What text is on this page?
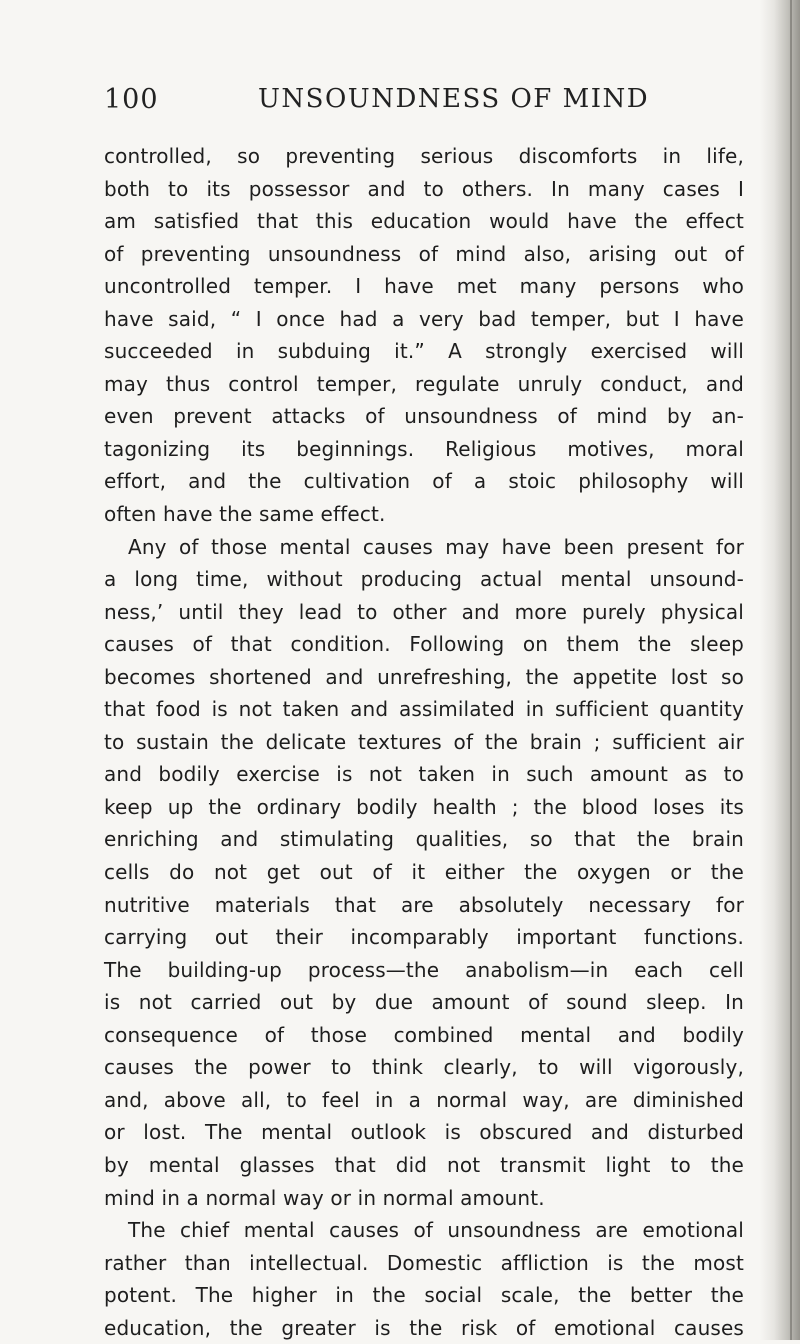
100	UNSOUNDNESS OF MIND
controlled, so preventing serious discomforts in life,
both to its possessor and to others. In many cases I
am satisfied that this education would have the effect
of preventing unsoundness of mind also, arising out of
uncontrolled temper. I have met many persons who
have said, “ I once had a very bad temper, but I have
succeeded in subduing it.” A strongly exercised will
may thus control temper, regulate unruly conduct, and
even prevent attacks of unsoundness of mind by an-
tagonizing its beginnings. Religious motives, moral
effort, and the cultivation of a stoic philosophy will
often have the same effect.
Any of those mental causes may have been present for
a long time, without producing actual mental unsound-
ness,’ until they lead to other and more purely physical
causes of that condition. Following on them the sleep
becomes shortened and unrefreshing, the appetite lost so
that food is not taken and assimilated in sufficient quantity
to sustain the delicate textures of the brain ; sufficient air
and bodily exercise is not taken in such amount as to
keep up the ordinary bodily health ; the blood loses its
enriching and stimulating qualities, so that the brain
cells do not get out of it either the oxygen or the
nutritive materials that are absolutely necessary for
carrying out their incomparably important functions.
The building-up process—the anabolism—in each cell
is not carried out by due amount of sound sleep. In
consequence of those combined mental and bodily
causes the power to think clearly, to will vigorously,
and, above all, to feel in a normal way, are diminished
or lost. The mental outlook is obscured and disturbed
by mental glasses that did not transmit light to the
mind in a normal way or in normal amount.
The chief mental causes of unsoundness are emotional
rather than intellectual. Domestic affliction is the most
potent. The higher in the social scale, the better the
education, the greater is the risk of emotional causes
